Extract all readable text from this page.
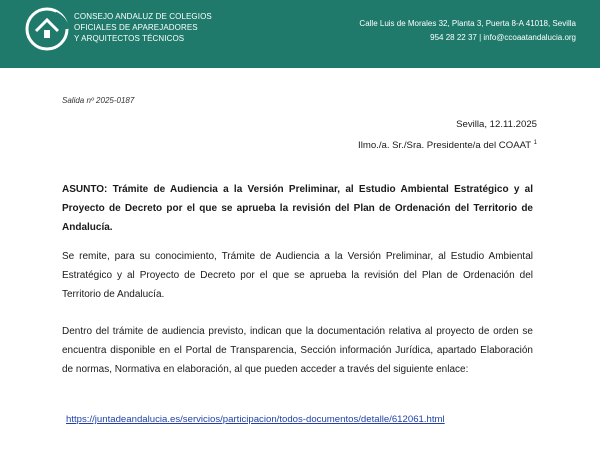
CONSEJO ANDALUZ DE COLEGIOS
OFICIALES DE APAREJADORES
Y ARQUITECTOS TÉCNICOS
Calle Luis de Morales 32, Planta 3, Puerta 8-A 41018, Sevilla
954 28 22 37 | info@ccoaatandalucia.org
Salida nº 2025-0187
Sevilla, 12.11.2025
Ilmo./a. Sr./Sra. Presidente/a del COAAT $^1$
ASUNTO: Trámite de Audiencia a la Versión Preliminar, al Estudio Ambiental Estratégico y al Proyecto de Decreto por el que se aprueba la revisión del Plan de Ordenación del Territorio de Andalucía.
Se remite, para su conocimiento, Trámite de Audiencia a la Versión Preliminar, al Estudio Ambiental Estratégico y al Proyecto de Decreto por el que se aprueba la revisión del Plan de Ordenación del Territorio de Andalucía.
Dentro del trámite de audiencia previsto, indican que la documentación relativa al proyecto de orden se encuentra disponible en el Portal de Transparencia, Sección información Jurídica, apartado Elaboración de normas, Normativa en elaboración, al que pueden acceder a través del siguiente enlace:
https://juntadeandalucia.es/servicios/participacion/todos-documentos/detalle/612061.html
